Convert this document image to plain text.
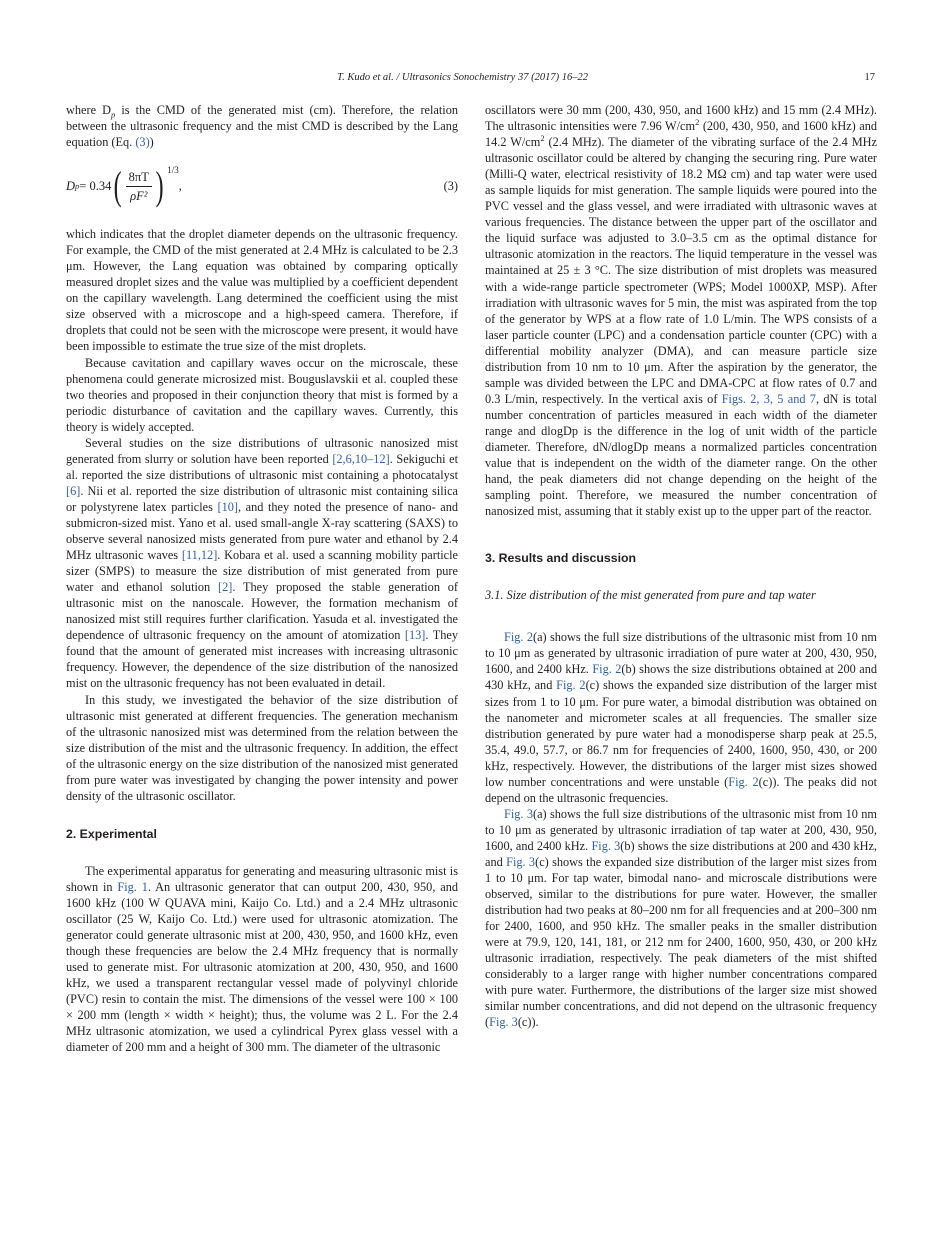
T. Kudo et al. / Ultrasonics Sonochemistry 37 (2017) 16–22	17

where $D_p$ is the CMD of the generated mist (cm). Therefore, the relation between the ultrasonic frequency and the mist CMD is described by the Lang equation (Eq. (3))

D p = 0.34 ( $\frac{8\pi T}{\text{ρF²}}$ ) 1/3
,	(3)

which indicates that the droplet diameter depends on the ultrasonic frequency. For example, the CMD of the mist generated at 2.4 MHz is calculated to be 2.3 μm. However, the Lang equation was obtained by comparing optically measured droplet sizes and the value was multiplied by a coefficient dependent on the capillary wavelength. Lang determined the coefficient using the mist size observed with a microscope and a high-speed camera. Therefore, if droplets that could not be seen with the microscope were present, it would have been impossible to estimate the true size of the mist droplets.

Because cavitation and capillary waves occur on the microscale, these phenomena could generate microsized mist. Bouguslavskii et al. coupled these two theories and proposed in their conjunction theory that mist is formed by a periodic disturbance of cavitation and the capillary waves. Currently, this theory is widely accepted.

Several studies on the size distributions of ultrasonic nanosized mist generated from slurry or solution have been reported [2,6,10–12]. Sekiguchi et al. reported the size distributions of ultrasonic mist containing a photocatalyst [6]. Nii et al. reported the size distribution of ultrasonic mist containing silica or polystyrene latex particles [10], and they noted the presence of nano- and submicron-sized mist. Yano et al. used small-angle X-ray scattering (SAXS) to observe several nanosized mists generated from pure water and ethanol by 2.4 MHz ultrasonic waves [11,12]. Kobara et al. used a scanning mobility particle sizer (SMPS) to measure the size distribution of mist generated from pure water and ethanol solution [2]. They proposed the stable generation of ultrasonic mist on the nanoscale. However, the formation mechanism of nanosized mist still requires further clarification. Yasuda et al. investigated the dependence of ultrasonic frequency on the amount of atomization [13]. They found that the amount of generated mist increases with increasing ultrasonic frequency. However, the dependence of the size distribution of the nanosized mist on the ultrasonic frequency has not been evaluated in detail.

In this study, we investigated the behavior of the size distribution of ultrasonic mist generated at different frequencies. The generation mechanism of the ultrasonic nanosized mist was determined from the relation between the size distribution of the mist and the ultrasonic frequency. In addition, the effect of the ultrasonic energy on the size distribution of the nanosized mist generated from pure water was investigated by changing the power intensity and power density of the ultrasonic oscillator.

2. Experimental

The experimental apparatus for generating and measuring ultrasonic mist is shown in Fig. 1. An ultrasonic generator that can output 200, 430, 950, and 1600 kHz (100 W QUAVA mini, Kaijo Co. Ltd.) and a 2.4 MHz ultrasonic oscillator (25 W, Kaijo Co. Ltd.) were used for ultrasonic atomization. The generator could generate ultrasonic mist at 200, 430, 950, and 1600 kHz, even though these frequencies are below the 2.4 MHz frequency that is normally used to generate mist. For ultrasonic atomization at 200, 430, 950, and 1600 kHz, we used a transparent rectangular vessel made of polyvinyl chloride (PVC) resin to contain the mist. The dimensions of the vessel were 100 × 100 × 200 mm (length × width × height); thus, the volume was 2 L. For the 2.4 MHz ultrasonic atomization, we used a cylindrical Pyrex glass vessel with a diameter of 200 mm and a height of 300 mm. The diameter of the ultrasonic

oscillators were 30 mm (200, 430, 950, and 1600 kHz) and 15 mm (2.4 MHz). The ultrasonic intensities were 7.96 $W/cm^2$ (200, 430, 950, and 1600 kHz) and 14.2 $W/cm^2$ (2.4 MHz). The diameter of the vibrating surface of the 2.4 MHz ultrasonic oscillator could be altered by changing the securing ring. Pure water (Milli-Q water, electrical resistivity of 18.2 MΩ cm) and tap water were used as sample liquids for mist generation. The sample liquids were poured into the PVC vessel and the glass vessel, and were irradiated with ultrasonic waves at various frequencies. The distance between the upper part of the oscillator and the liquid surface was adjusted to 3.0–3.5 cm as the optimal distance for ultrasonic atomization in the reactors. The liquid temperature in the vessel was maintained at 25 ± 3 °C. The size distribution of mist droplets was measured with a wide-range particle spectrometer (WPS; Model 1000XP, MSP). After irradiation with ultrasonic waves for 5 min, the mist was aspirated from the top of the generator by WPS at a flow rate of 1.0 L/min. The WPS consists of a laser particle counter (LPC) and a condensation particle counter (CPC) with a differential mobility analyzer (DMA), and can measure particle size distribution from 10 nm to 10 μm. After the aspiration by the generator, the sample was divided between the LPC and DMA-CPC at flow rates of 0.7 and 0.3 L/min, respectively. In the vertical axis of Figs. 2, 3, 5 and 7, dN is total number concentration of particles measured in each width of the diameter range and dlogDp is the difference in the log of unit width of the particle diameter. Therefore, dN/dlogDp means a normalized particles concentration value that is independent on the width of the diameter range. On the other hand, the peak diameters did not change depending on the height of the sampling point. Therefore, we measured the number concentration of nanosized mist, assuming that it stably exist up to the upper part of the reactor.

3. Results and discussion
3.1. Size distribution of the mist generated from pure and tap water

Fig. 2(a) shows the full size distributions of the ultrasonic mist from 10 nm to 10 μm as generated by ultrasonic irradiation of pure water at 200, 430, 950, 1600, and 2400 kHz. Fig. 2(b) shows the size distributions obtained at 200 and 430 kHz, and Fig. 2(c) shows the expanded size distribution of the larger mist sizes from 1 to 10 μm. For pure water, a bimodal distribution was obtained on the nanometer and micrometer scales at all frequencies. The smaller size distribution generated by pure water had a monodisperse sharp peak at 25.5, 35.4, 49.0, 57.7, or 86.7 nm for frequencies of 2400, 1600, 950, 430, or 200 kHz, respectively. However, the distributions of the larger mist sizes showed low number concentrations and were unstable (Fig. 2(c)). The peaks did not depend on the ultrasonic frequencies.

Fig. 3(a) shows the full size distributions of the ultrasonic mist from 10 nm to 10 μm as generated by ultrasonic irradiation of tap water at 200, 430, 950, 1600, and 2400 kHz. Fig. 3(b) shows the size distributions at 200 and 430 kHz, and Fig. 3(c) shows the expanded size distribution of the larger mist sizes from 1 to 10 μm. For tap water, bimodal nano- and microscale distributions were observed, similar to the distributions for pure water. However, the smaller distribution had two peaks at 80–200 nm for all frequencies and at 200–300 nm for 2400, 1600, and 950 kHz. The smaller peaks in the smaller distribution were at 79.9, 120, 141, 181, or 212 nm for 2400, 1600, 950, 430, or 200 kHz ultrasonic irradiation, respectively. The peak diameters of the mist shifted considerably to a larger range with higher number concentrations compared with pure water. Furthermore, the distributions of the larger size mist showed similar number concentrations, and did not depend on the ultrasonic frequency (Fig. 3(c)).
